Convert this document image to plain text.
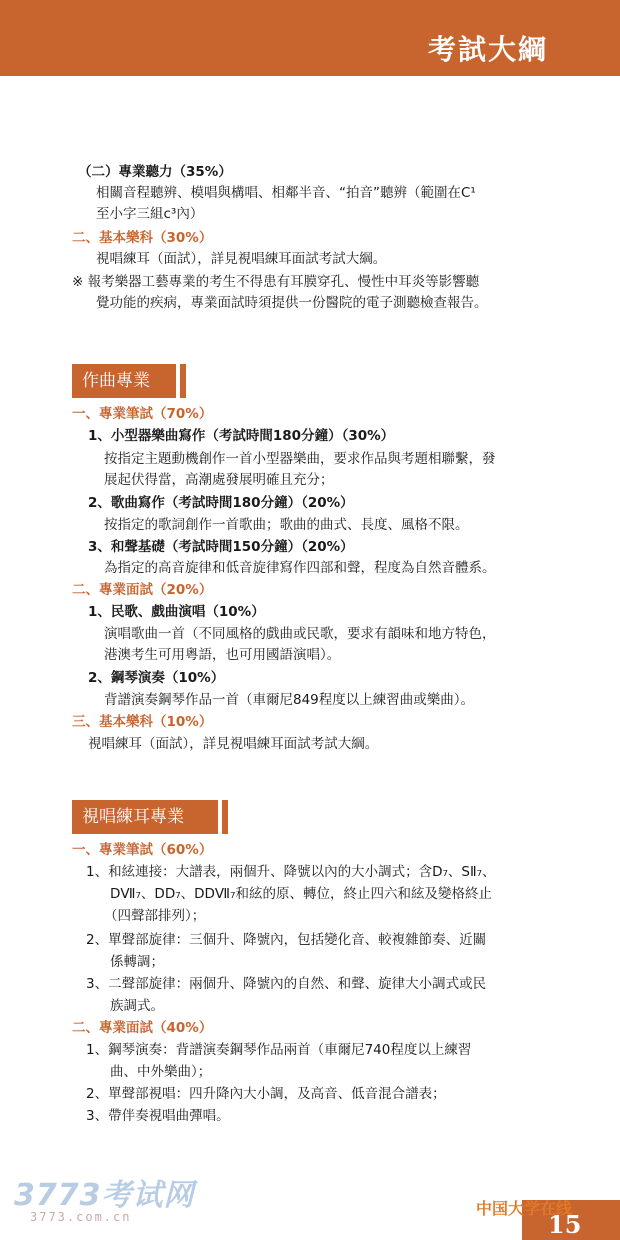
考試大綱
（二）專業聽力（35%）
相關音程聽辨、模唱與構唱、相鄰半音、“拍音”聽辨（範圍在C¹
至小字三組c³內）
二、基本樂科（30%）
視唱練耳（面試），詳見視唱練耳面試考試大綱。
※ 報考樂器工藝專業的考生不得患有耳膜穿孔、慢性中耳炎等影響聽
覺功能的疾病，專業面試時須提供一份醫院的電子測聽檢查報告。
作曲專業
一、專業筆試（70%）
1、小型器樂曲寫作（考試時間180分鐘）（30%）
按指定主題動機創作一首小型器樂曲，要求作品與考題相聯繫，發
展起伏得當，高潮處發展明確且充分；
2、歌曲寫作（考試時間180分鐘）（20%）
按指定的歌詞創作一首歌曲；歌曲的曲式、長度、風格不限。
3、和聲基礎（考試時間150分鐘）（20%）
為指定的高音旋律和低音旋律寫作四部和聲，程度為自然音體系。
二、專業面試（20%）
1、民歌、戲曲演唱（10%）
演唱歌曲一首（不同風格的戲曲或民歌，要求有韻味和地方特色，
港澳考生可用粵語，也可用國語演唱）。
2、鋼琴演奏（10%）
背譜演奏鋼琴作品一首（車爾尼849程度以上練習曲或樂曲）。
三、基本樂科（10%）
視唱練耳（面試），詳見視唱練耳面試考試大綱。
視唱練耳專業
一、專業筆試（60%）
1、和絃連接：大譜表，兩個升、降號以內的大小調式；含D₇、SⅡ₇、
DⅦ₇、DD₇、DDⅦ₇和絃的原、轉位，終止四六和絃及變格終止
（四聲部排列）；
2、單聲部旋律：三個升、降號內，包括變化音、較複雜節奏、近關
係轉調；
3、二聲部旋律：兩個升、降號內的自然、和聲、旋律大小調式或民
族調式。
二、專業面試（40%）
1、鋼琴演奏：背譜演奏鋼琴作品兩首（車爾尼740程度以上練習
曲、中外樂曲）；
2、單聲部視唱：四升降內大小調，及高音、低音混合譜表；
3、帶伴奏視唱曲彈唱。
3773考试网
3773.com.cn	中国大学在线
15
